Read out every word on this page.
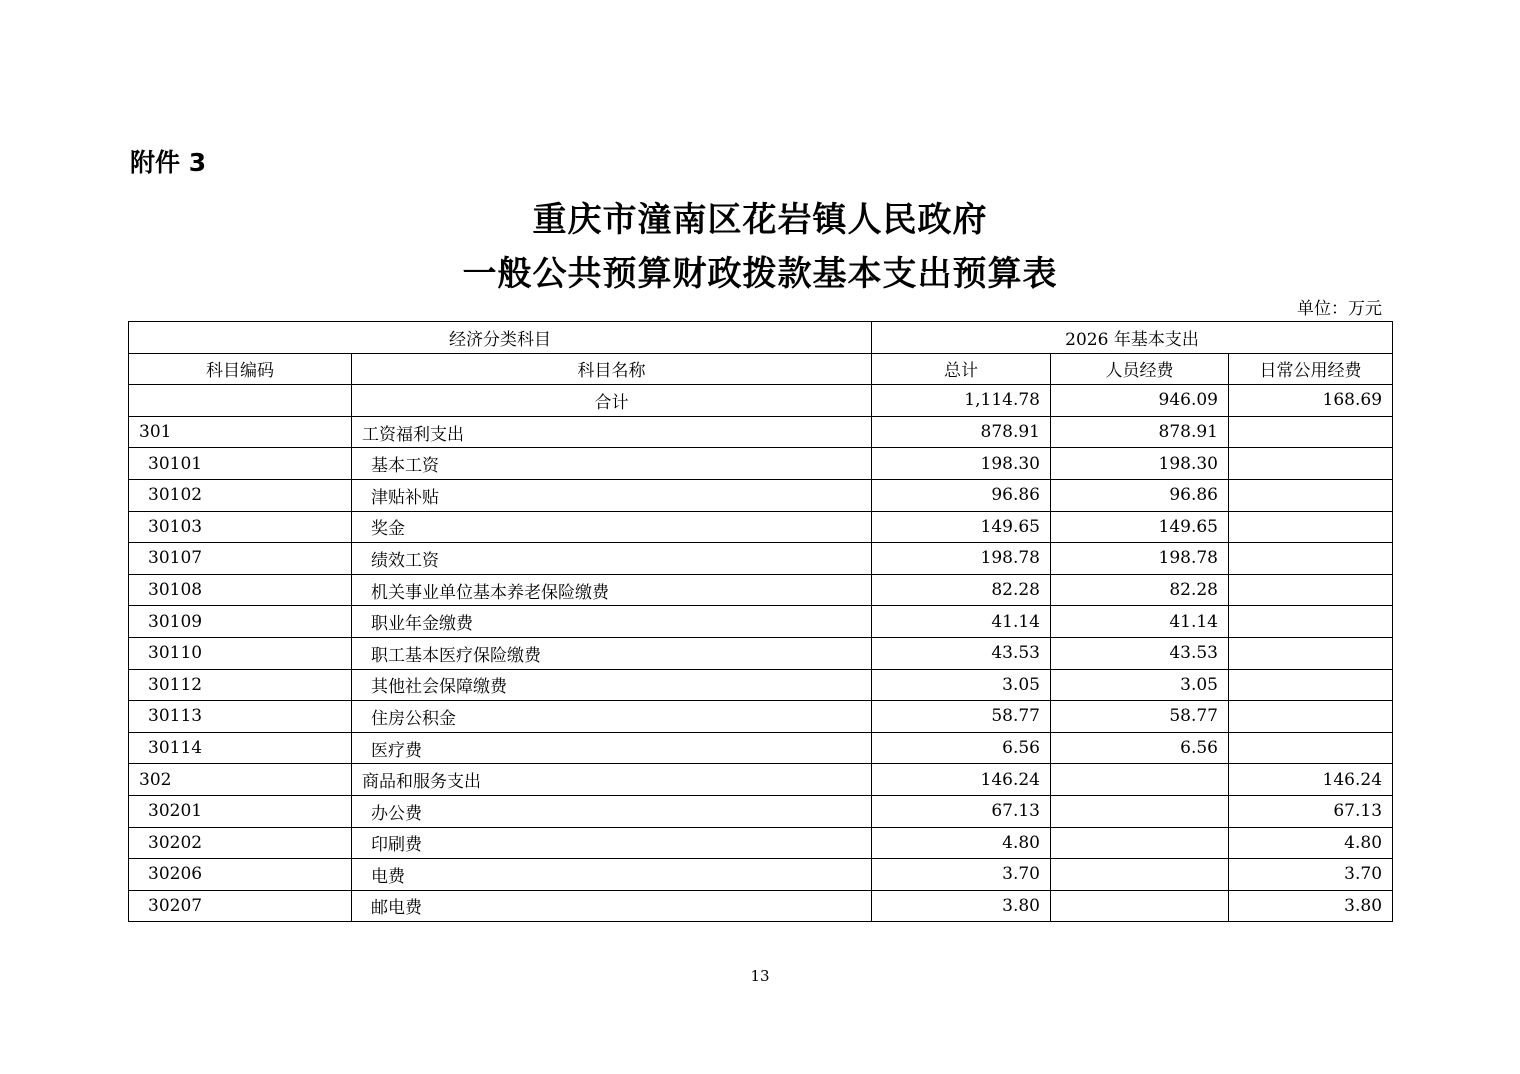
附件 3
重庆市潼南区花岩镇人民政府
一般公共预算财政拨款基本支出预算表
单位：万元
经济分类科目		2026 年基本支出		
科目编码	科目名称	总计	人员经费	日常公用经费
	合计	1,114.78	946.09	168.69
301	工资福利支出	878.91	878.91	
30101	基本工资	198.30	198.30	
30102	津贴补贴	96.86	96.86	
30103	奖金	149.65	149.65	
30107	绩效工资	198.78	198.78	
30108	机关事业单位基本养老保险缴费	82.28	82.28	
30109	职业年金缴费	41.14	41.14	
30110	职工基本医疗保险缴费	43.53	43.53	
30112	其他社会保障缴费	3.05	3.05	
30113	住房公积金	58.77	58.77	
30114	医疗费	6.56	6.56	
302	商品和服务支出	146.24		146.24
30201	办公费	67.13		67.13
30202	印刷费	4.80		4.80
30206	电费	3.70		3.70
30207	邮电费	3.80		3.80
13
